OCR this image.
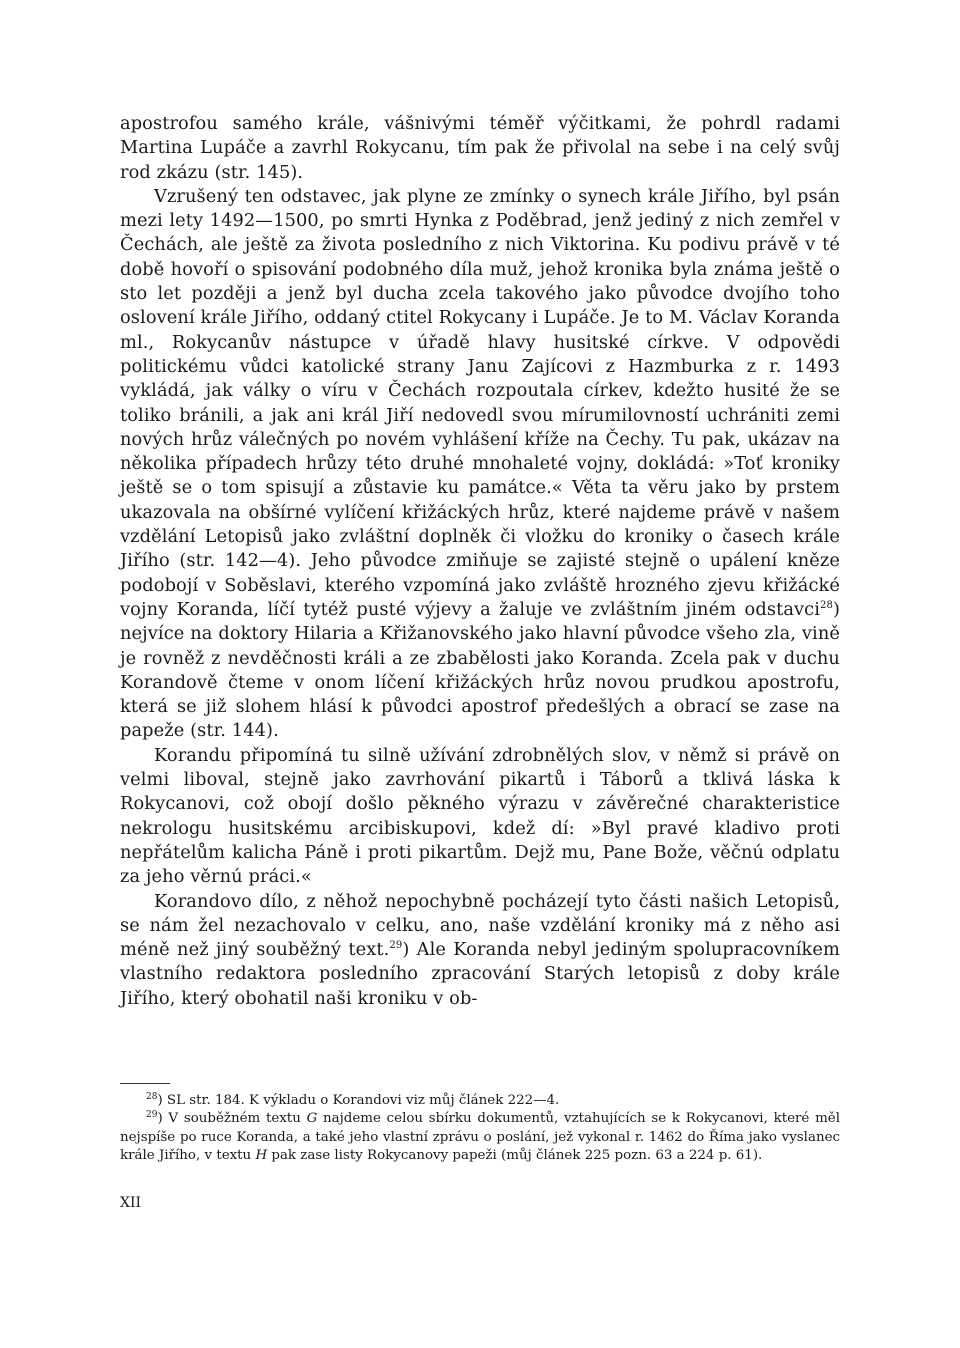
apostrofou samého krále, vášnivými téměř výčitkami, že pohrdl radami Martina Lupáče a zavrhl Rokycanu, tím pak že přivolal na sebe i na celý svůj rod zkázu (str. 145).

Vzrušený ten odstavec, jak plyne ze zmínky o synech krále Jiřího, byl psán mezi lety 1492—1500, po smrti Hynka z Poděbrad, jenž jediný z nich zemřel v Čechách, ale ještě za života posledního z nich Viktorina. Ku podivu právě v té době hovoří o spisování podobného díla muž, jehož kronika byla známa ještě o sto let později a jenž byl ducha zcela takového jako původce dvojího toho oslovení krále Jiřího, oddaný ctitel Rokycany i Lupáče. Je to M. Václav Koranda ml., Rokycanův nástupce v úřadě hlavy husitské církve. V odpovědi politickému vůdci katolické strany Janu Zajícovi z Hazmburka z r. 1493 vykládá, jak války o víru v Čechách rozpoutala církev, kdežto husité že se toliko bránili, a jak ani král Jiří nedovedl svou mírumilovností uchrániti zemi nových hrůz válečných po novém vyhlášení kříže na Čechy. Tu pak, ukázav na několika případech hrůzy této druhé mnohaleté vojny, dokládá: »Toť kroniky ještě se o tom spisují a zůstavie ku památce.« Věta ta věru jako by prstem ukazovala na obšírné vylíčení křižáckých hrůz, které najdeme právě v našem vzdělání Letopisů jako zvláštní doplněk či vložku do kroniky o časech krále Jiřího (str. 142—4). Jeho původce zmiňuje se zajisté stejně o upálení kněze podobojí v Soběslavi, kterého vzpomíná jako zvláště hrozného zjevu křižácké vojny Koranda, líčí tytéž pusté výjevy a žaluje ve zvláštním jiném odstavci$^{28}$) nejvíce na doktory Hilaria a Křižanovského jako hlavní původce všeho zla, vině je rovněž z nevděčnosti králi a ze zbabělosti jako Koranda. Zcela pak v duchu Korandově čteme v onom líčení křižáckých hrůz novou prudkou apostrofu, která se již slohem hlásí k původci apostrof předešlých a obrací se zase na papeže (str. 144).

Korandu připomíná tu silně užívání zdrobnělých slov, v němž si právě on velmi liboval, stejně jako zavrhování pikartů i Táborů a tklivá láska k Rokycanovi, což obojí došlo pěkného výrazu v závěrečné charakteristice nekrologu husitskému arcibiskupovi, kdež dí: »Byl pravé kladivo proti nepřátelům kalicha Páně i proti pikartům. Dejž mu, Pane Bože, věčnú odplatu za jeho věrnú práci.«

Korandovo dílo, z něhož nepochybně pocházejí tyto části našich Letopisů, se nám žel nezachovalo v celku, ano, naše vzdělání kroniky má z něho asi méně než jiný souběžný text.$^{29}$) Ale Koranda nebyl jediným spolupracovníkem vlastního redaktora posledního zpracování Starých letopisů z doby krále Jiřího, který obohatil naši kroniku v ob-

$^{28}$) SL str. 184. K výkladu o Korandovi viz můj článek 222—4.

$^{29}$) V souběžném textu G najdeme celou sbírku dokumentů, vztahujících se k Rokycanovi, které měl nejspíše po ruce Koranda, a také jeho vlastní zprávu o poslání, jež vykonal r. 1462 do Říma jako vyslanec krále Jiřího, v textu H pak zase listy Rokycanovy papeži (můj článek 225 pozn. 63 a 224 p. 61).

XII
